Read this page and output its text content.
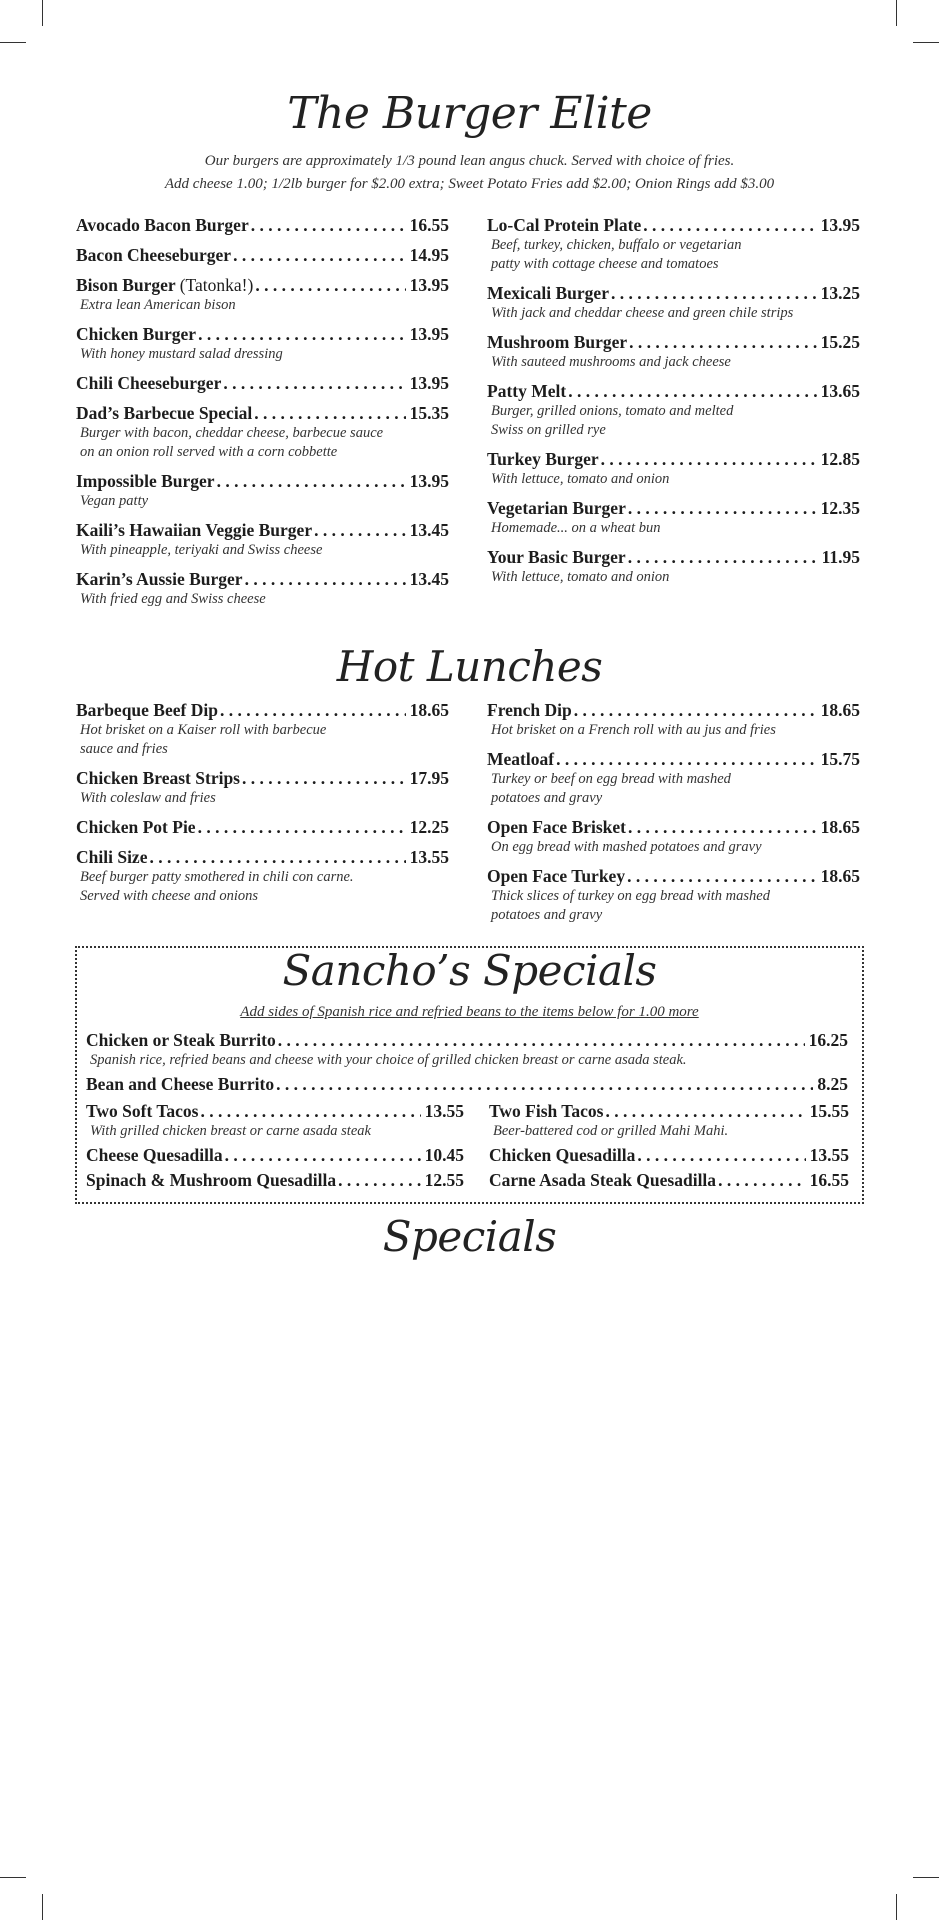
The Burger Elite
Our burgers are approximately 1/3 pound lean angus chuck. Served with choice of fries.
Add cheese 1.00; 1/2lb burger for $2.00 extra; Sweet Potato Fries add $2.00; Onion Rings add $3.00
Avocado Bacon Burger . . .	16.55
Bacon Cheeseburger . . .	14.95
Bison Burger (Tatonka!) . . .	13.95
Extra lean American bison
Chicken Burger . . .	13.95
With honey mustard salad dressing
Chili Cheeseburger . . .	13.95
Dad’s Barbecue Special . . .	15.35
Burger with bacon, cheddar cheese, barbecue sauce
on an onion roll served with a corn cobbette
Impossible Burger . . .	13.95
Vegan patty
Kaili’s Hawaiian Veggie Burger . . .	13.45
With pineapple, teriyaki and Swiss cheese
Karin’s Aussie Burger . . .	13.45
With fried egg and Swiss cheese
Lo-Cal Protein Plate . . .	13.95
Beef, turkey, chicken, buffalo or vegetarian
patty with cottage cheese and tomatoes
Mexicali Burger . . .	13.25
With jack and cheddar cheese and green chile strips
Mushroom Burger . . .	15.25
With sauteed mushrooms and jack cheese
Patty Melt . . .	13.65
Burger, grilled onions, tomato and melted
Swiss on grilled rye
Turkey Burger . . .	12.85
With lettuce, tomato and onion
Vegetarian Burger . . .	12.35
Homemade... on a wheat bun
Your Basic Burger . . .	11.95
With lettuce, tomato and onion
Hot Lunches
Barbeque Beef Dip . . .	18.65
Hot brisket on a Kaiser roll with barbecue
sauce and fries
Chicken Breast Strips . . .	17.95
With coleslaw and fries
Chicken Pot Pie . . .	12.25
Chili Size . . .	13.55
Beef burger patty smothered in chili con carne.
Served with cheese and onions
French Dip . . .	18.65
Hot brisket on a French roll with au jus and fries
Meatloaf . . .	15.75
Turkey or beef on egg bread with mashed
potatoes and gravy
Open Face Brisket . . .	18.65
On egg bread with mashed potatoes and gravy
Open Face Turkey . . .	18.65
Thick slices of turkey on egg bread with mashed
potatoes and gravy
Sancho’s Specials
Add sides of Spanish rice and refried beans to the items below for 1.00 more
Chicken or Steak Burrito . . .	16.25
Spanish rice, refried beans and cheese with your choice of grilled chicken breast or carne asada steak.
Bean and Cheese Burrito . . .	8.25
Two Soft Tacos . . .	13.55
With grilled chicken breast or carne asada steak
Cheese Quesadilla . . .	10.45
Spinach & Mushroom Quesadilla . . .	12.55
Two Fish Tacos . . .	15.55
Beer-battered cod or grilled Mahi Mahi.
Chicken Quesadilla . . .	13.55
Carne Asada Steak Quesadilla . . .	16.55
Specials
